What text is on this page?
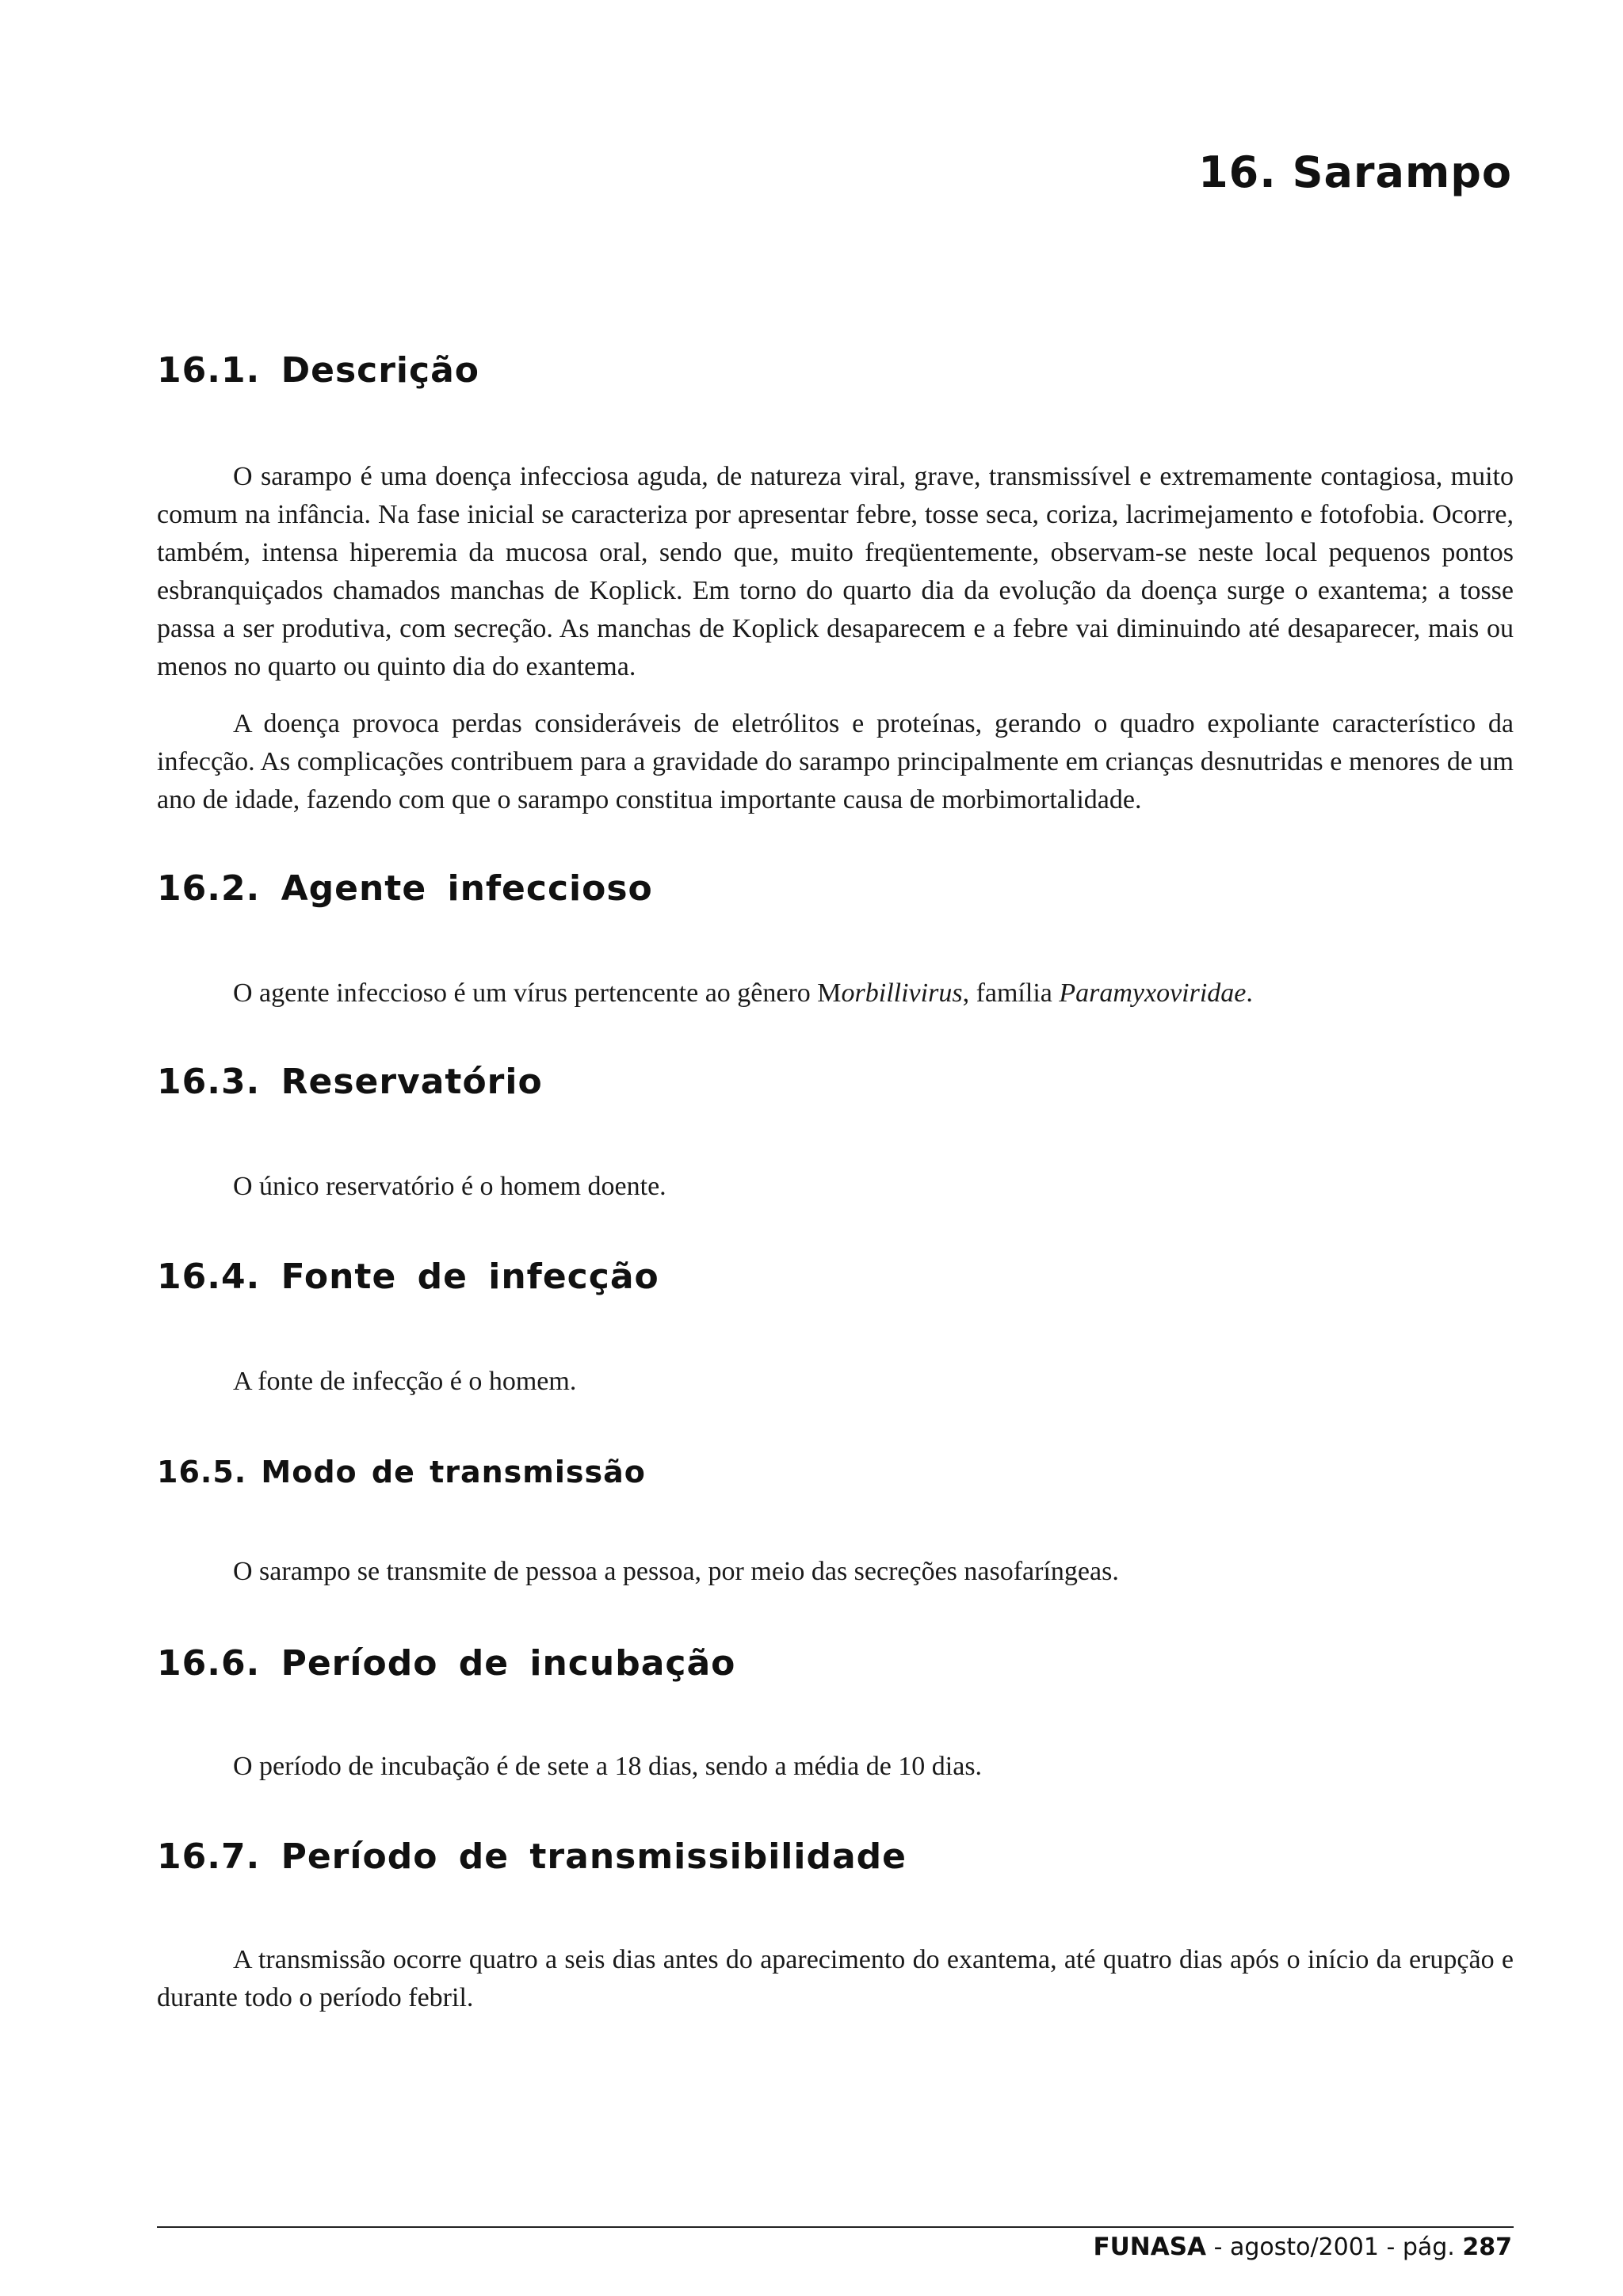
16. Sarampo
16.1. Descrição

O sarampo é uma doença infecciosa aguda, de natureza viral, grave, transmissível e extremamente contagiosa, muito comum na infância. Na fase inicial se caracteriza por apresentar febre, tosse seca, coriza, lacrimejamento e fotofobia. Ocorre, também, intensa hiperemia da mucosa oral, sendo que, muito freqüentemente, observam-se neste local pequenos pontos esbranquiçados chamados manchas de Koplick. Em torno do quarto dia da evolução da doença surge o exantema; a tosse passa a ser produtiva, com secreção. As manchas de Koplick desaparecem e a febre vai diminuindo até desaparecer, mais ou menos no quarto ou quinto dia do exantema.

A doença provoca perdas consideráveis de eletrólitos e proteínas, gerando o quadro expoliante característico da infecção. As complicações contribuem para a gravidade do sarampo principalmente em crianças desnutridas e menores de um ano de idade, fazendo com que o sarampo constitua importante causa de morbimortalidade.

16.2. Agente infeccioso

O agente infeccioso é um vírus pertencente ao gênero Morbillivirus, família Paramyxoviridae.

16.3. Reservatório

O único reservatório é o homem doente.

16.4. Fonte de infecção

A fonte de infecção é o homem.

16.5. Modo de transmissão

O sarampo se transmite de pessoa a pessoa, por meio das secreções nasofaríngeas.

16.6. Período de incubação

O período de incubação é de sete a 18 dias, sendo a média de 10 dias.

16.7. Período de transmissibilidade

A transmissão ocorre quatro a seis dias antes do aparecimento do exantema, até quatro dias após o início da erupção e durante todo o período febril.

FUNASA - agosto/2001 - pág. 287
